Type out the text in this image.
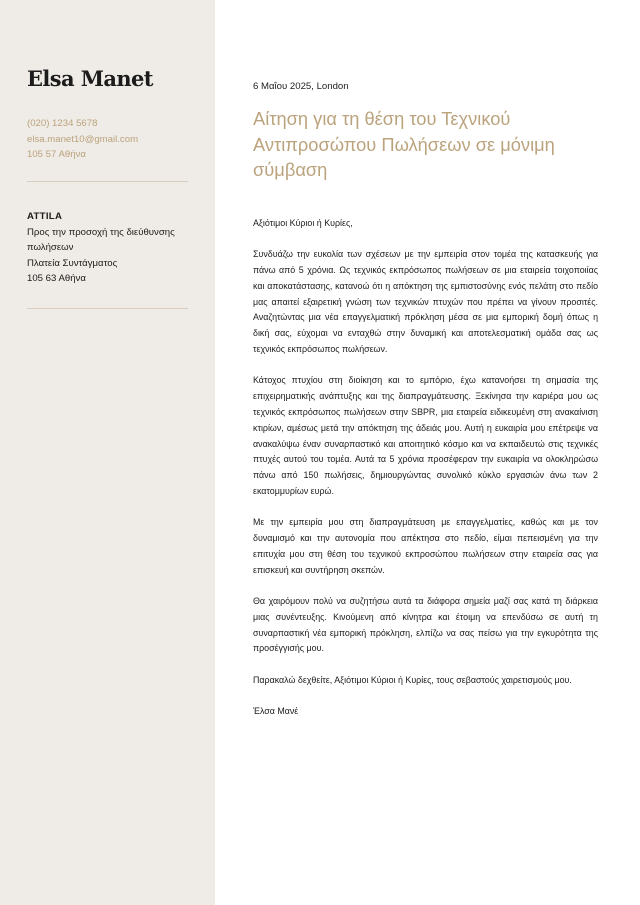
Elsa Manet
(020) 1234 5678
elsa.manet10@gmail.com
105 57 Αθήνα
ATTILA
Προς την προσοχή της διεύθυνσης πωλήσεων
Πλατεία Συντάγματος
105 63 Αθήνα
6 Μαΐου 2025, London
Αίτηση για τη θέση του Τεχνικού Αντιπροσώπου Πωλήσεων σε μόνιμη σύμβαση

Αξιότιμοι Κύριοι ή Κυρίες,

Συνδυάζω την ευκολία των σχέσεων με την εμπειρία στον τομέα της κατασκευής για πάνω από 5 χρόνια. Ως τεχνικός εκπρόσωπος πωλήσεων σε μια εταιρεία τοιχοποιίας και αποκατάστασης, κατανοώ ότι η απόκτηση της εμπιστοσύνης ενός πελάτη στο πεδίο μας απαιτεί εξαιρετική γνώση των τεχνικών πτυχών που πρέπει να γίνουν προσιτές. Αναζητώντας μια νέα επαγγελματική πρόκληση μέσα σε μια εμπορική δομή όπως η δική σας, εύχομαι να ενταχθώ στην δυναμική και αποτελεσματική ομάδα σας ως τεχνικός εκπρόσωπος πωλήσεων.

Κάτοχος πτυχίου στη διοίκηση και το εμπόριο, έχω κατανοήσει τη σημασία της επιχειρηματικής ανάπτυξης και της διαπραγμάτευσης. Ξεκίνησα την καριέρα μου ως τεχνικός εκπρόσωπος πωλήσεων στην SBPR, μια εταιρεία ειδικευμένη στη ανακαίνιση κτιρίων, αμέσως μετά την απόκτηση της άδειάς μου. Αυτή η ευκαιρία μου επέτρεψε να ανακαλύψω έναν συναρπαστικό και αποιτητικό κόσμο και να εκπαιδευτώ στις τεχνικές πτυχές αυτού του τομέα. Αυτά τα 5 χρόνια προσέφεραν την ευκαιρία να ολοκληρώσω πάνω από 150 πωλήσεις, δημιουργώντας συνολικό κύκλο εργασιών άνω των 2 εκατομμυρίων ευρώ.

Με την εμπειρία μου στη διαπραγμάτευση με επαγγελματίες, καθώς και με τον δυναμισμό και την αυτονομία που απέκτησα στο πεδίο, είμαι πεπεισμένη για την επιτυχία μου στη θέση του τεχνικού εκπροσώπου πωλήσεων στην εταιρεία σας για επισκευή και συντήρηση σκεπών.

Θα χαιρόμουν πολύ να συζητήσω αυτά τα διάφορα σημεία μαζί σας κατά τη διάρκεια μιας συνέντευξης. Κινούμενη από κίνητρα και έτοιμη να επενδύσω σε αυτή τη συναρπαστική νέα εμπορική πρόκληση, ελπίζω να σας πείσω για την εγκυρότητα της προσέγγισής μου.

Παρακαλώ δεχθείτε, Αξιότιμοι Κύριοι ή Κυρίες, τους σεβαστούς χαιρετισμούς μου.

Έλσα Μανέ
